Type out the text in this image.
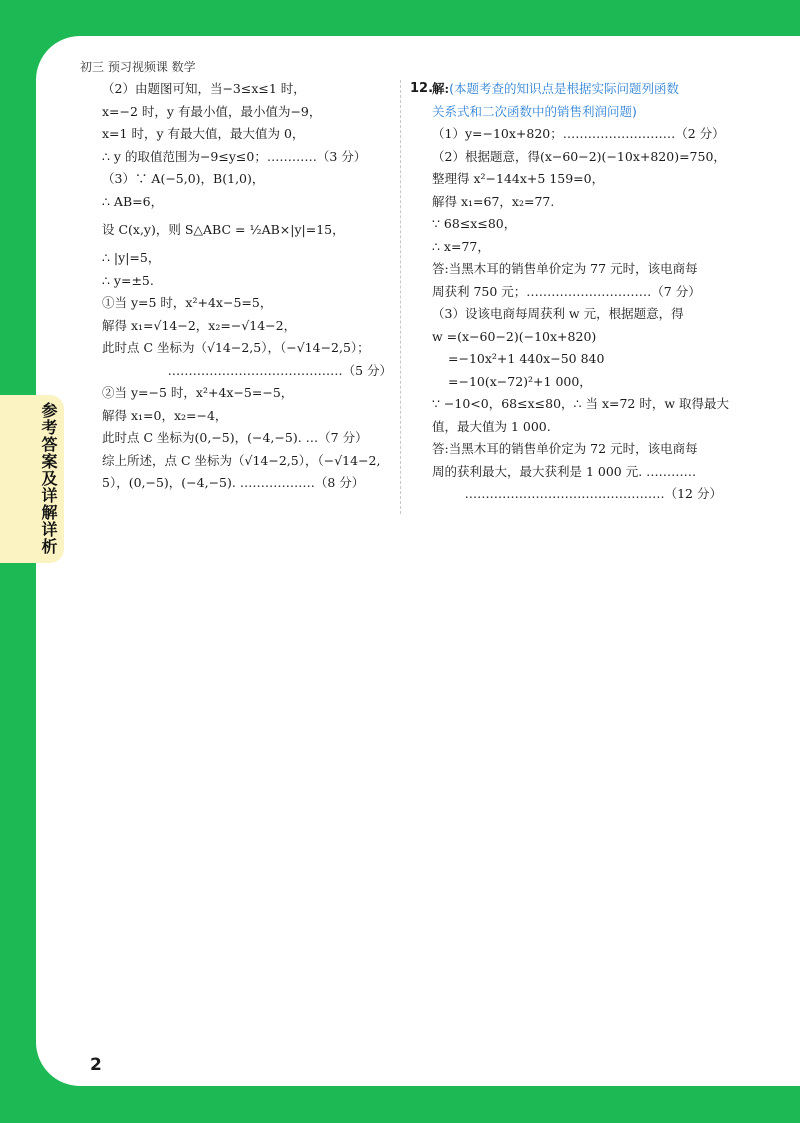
参考答案及详解详析
初三 预习视频课 数学
（2）由题图可知，当−3≤x≤1 时，
x=−2 时，y 有最小值，最小值为−9，
x=1 时，y 有最大值，最大值为 0，
∴ y 的取值范围为−9≤y≤0；…………（3 分）
（3）∵ A(−5,0)，B(1,0)，
∴ AB=6，
设 C(x,y)，则 S△ABC = ½AB×|y|=15，
∴ |y|=5，
∴ y=±5.
①当 y=5 时，x²+4x−5=5，
解得 x₁=√14−2，x₂=−√14−2，
此时点 C 坐标为（√14−2,5），（−√14−2,5）；
……………………………………（5 分）
②当 y=−5 时，x²+4x−5=−5，
解得 x₁=0，x₂=−4，
此时点 C 坐标为(0,−5)，(−4,−5). …（7 分）
综上所述，点 C 坐标为（√14−2,5），（−√14−2,
5），(0,−5)，(−4,−5). ………………（8 分）
12.
解:(本题考查的知识点是根据实际问题列函数
关系式和二次函数中的销售利润问题)
（1）y=−10x+820；………………………（2 分）
（2）根据题意，得(x−60−2)(−10x+820)=750，
整理得 x²−144x+5 159=0，
解得 x₁=67，x₂=77.
∵ 68≤x≤80，
∴ x=77，
答:当黑木耳的销售单价定为 77 元时，该电商每
周获利 750 元；…………………………（7 分）
（3）设该电商每周获利 w 元，根据题意，得
w =(x−60−2)(−10x+820)
=−10x²+1 440x−50 840
=−10(x−72)²+1 000，
∵ −10<0，68≤x≤80，∴ 当 x=72 时，w 取得最大
值，最大值为 1 000.
答:当黑木耳的销售单价定为 72 元时，该电商每
周的获利最大，最大获利是 1 000 元. …………
…………………………………………（12 分）
2
